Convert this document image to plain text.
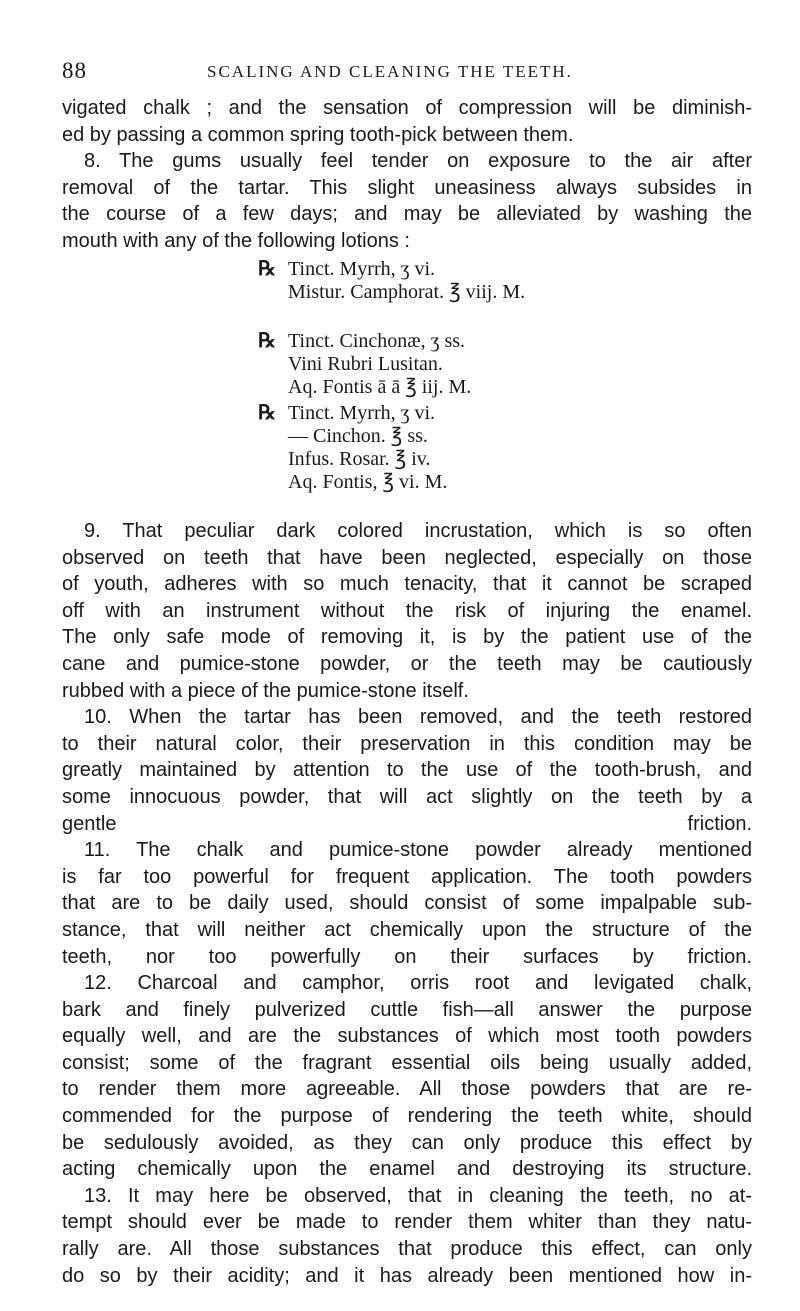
88	SCALING AND CLEANING THE TEETH.
vigated chalk ; and the sensation of compression will be diminish-
ed by passing a common spring tooth-pick between them.
8. The gums usually feel tender on exposure to the air after
removal of the tartar. This slight uneasiness always subsides in
the course of a few days; and may be alleviated by washing the
mouth with any of the following lotions :
℞ Tinct. Myrrh, ʒ vi.
Mistur. Camphorat. ℥ viij. M.
℞ Tinct. Cinchonæ, ʒ ss.
Vini Rubri Lusitan.
Aq. Fontis ā ā ℥ iij. M.
℞ Tinct. Myrrh, ʒ vi.
— Cinchon. ℥ ss.
Infus. Rosar. ℥ iv.
Aq. Fontis, ℥ vi. M.
9. That peculiar dark colored incrustation, which is so often
observed on teeth that have been neglected, especially on those
of youth, adheres with so much tenacity, that it cannot be scraped
off with an instrument without the risk of injuring the enamel.
The only safe mode of removing it, is by the patient use of the
cane and pumice-stone powder, or the teeth may be cautiously
rubbed with a piece of the pumice-stone itself.
10. When the tartar has been removed, and the teeth restored
to their natural color, their preservation in this condition may be
greatly maintained by attention to the use of the tooth-brush, and
some innocuous powder, that will act slightly on the teeth by a
gentle friction.
11. The chalk and pumice-stone powder already mentioned
is far too powerful for frequent application. The tooth powders
that are to be daily used, should consist of some impalpable sub-
stance, that will neither act chemically upon the structure of the
teeth, nor too powerfully on their surfaces by friction.
12. Charcoal and camphor, orris root and levigated chalk,
bark and finely pulverized cuttle fish—all answer the purpose
equally well, and are the substances of which most tooth powders
consist; some of the fragrant essential oils being usually added,
to render them more agreeable. All those powders that are re-
commended for the purpose of rendering the teeth white, should
be sedulously avoided, as they can only produce this effect by
acting chemically upon the enamel and destroying its structure.
13. It may here be observed, that in cleaning the teeth, no at-
tempt should ever be made to render them whiter than they natu-
rally are. All those substances that produce this effect, can only
do so by their acidity; and it has already been mentioned how in-
